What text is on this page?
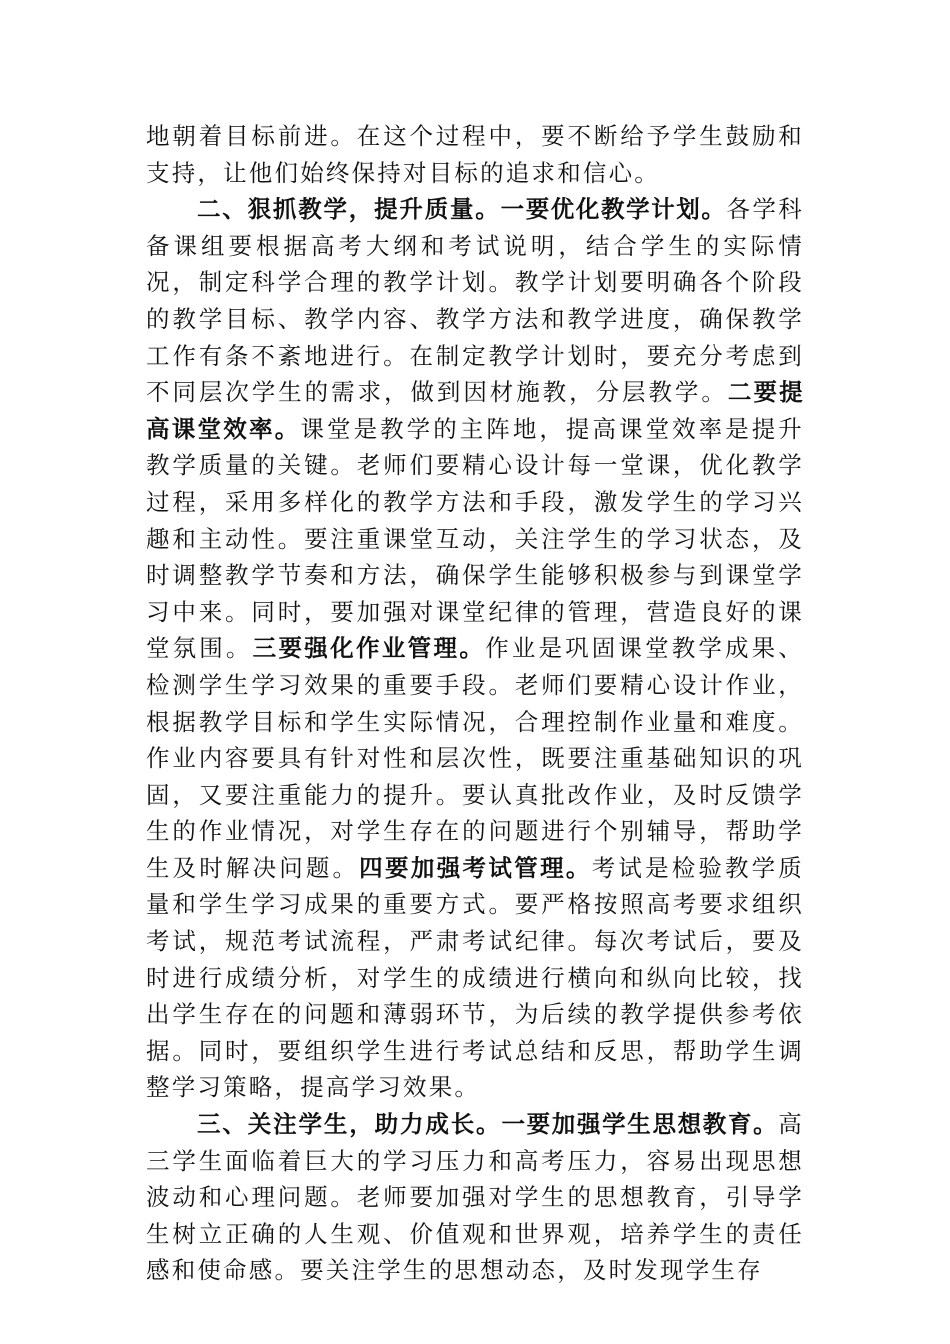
地朝着目标前进。在这个过程中，要不断给予学生鼓励和支持，让他们始终保持对目标的追求和信心。

二、狠抓教学，提升质量。一要优化教学计划。各学科备课组要根据高考大纲和考试说明，结合学生的实际情况，制定科学合理的教学计划。教学计划要明确各个阶段的教学目标、教学内容、教学方法和教学进度，确保教学工作有条不紊地进行。在制定教学计划时，要充分考虑到不同层次学生的需求，做到因材施教，分层教学。二要提高课堂效率。课堂是教学的主阵地，提高课堂效率是提升教学质量的关键。老师们要精心设计每一堂课，优化教学过程，采用多样化的教学方法和手段，激发学生的学习兴趣和主动性。要注重课堂互动，关注学生的学习状态，及时调整教学节奏和方法，确保学生能够积极参与到课堂学习中来。同时，要加强对课堂纪律的管理，营造良好的课堂氛围。三要强化作业管理。作业是巩固课堂教学成果、检测学生学习效果的重要手段。老师们要精心设计作业，根据教学目标和学生实际情况，合理控制作业量和难度。作业内容要具有针对性和层次性，既要注重基础知识的巩固，又要注重能力的提升。要认真批改作业，及时反馈学生的作业情况，对学生存在的问题进行个别辅导，帮助学生及时解决问题。四要加强考试管理。考试是检验教学质量和学生学习成果的重要方式。要严格按照高考要求组织考试，规范考试流程，严肃考试纪律。每次考试后，要及时进行成绩分析，对学生的成绩进行横向和纵向比较，找出学生存在的问题和薄弱环节，为后续的教学提供参考依据。同时，要组织学生进行考试总结和反思，帮助学生调整学习策略，提高学习效果。

三、关注学生，助力成长。一要加强学生思想教育。高三学生面临着巨大的学习压力和高考压力，容易出现思想波动和心理问题。老师要加强对学生的思想教育，引导学生树立正确的人生观、价值观和世界观，培养学生的责任感和使命感。要关注学生的思想动态，及时发现学生存
